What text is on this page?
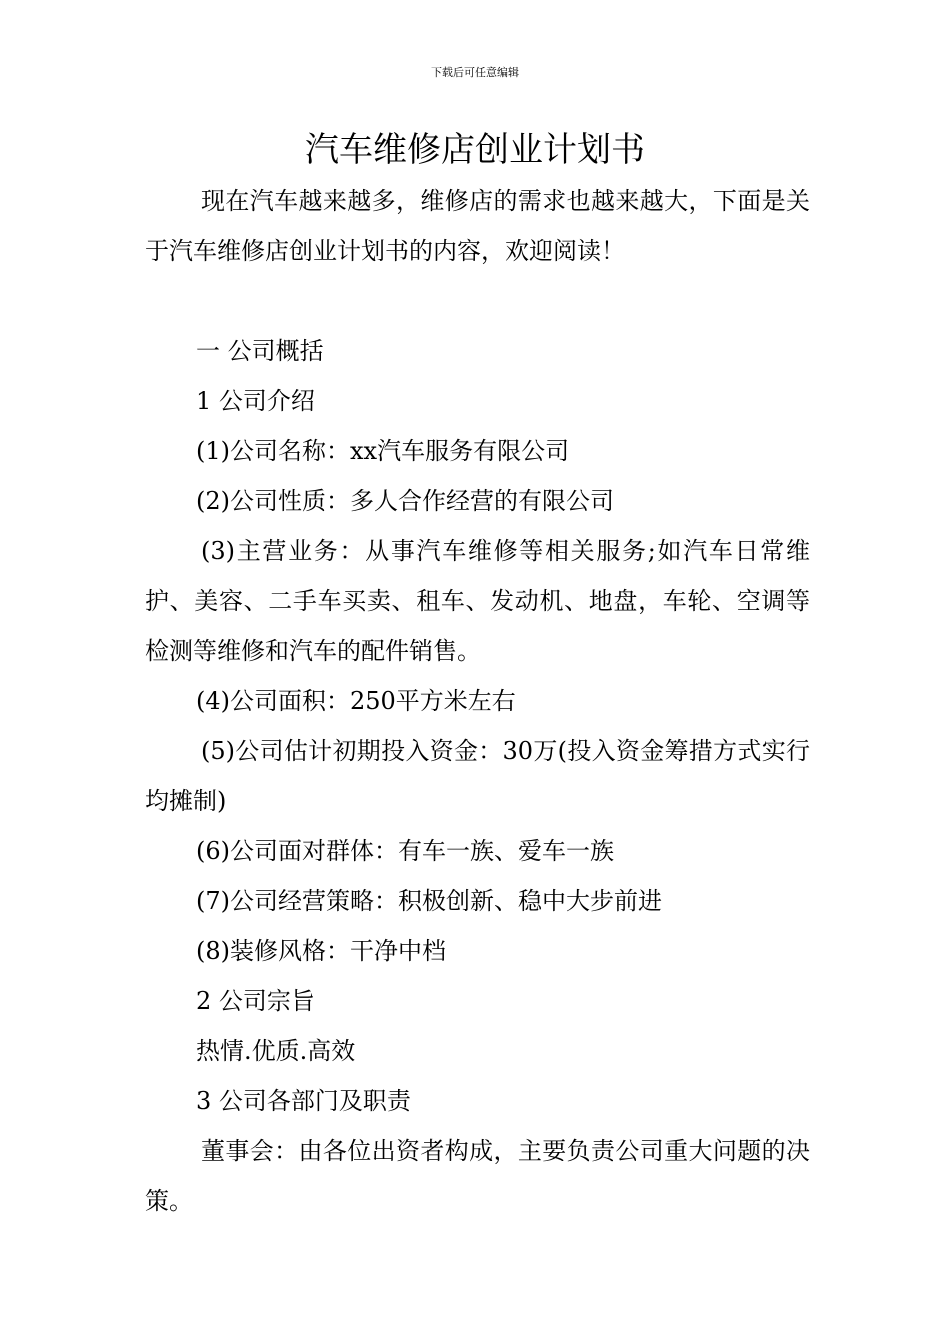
下载后可任意编辑
汽车维修店创业计划书

现在汽车越来越多，维修店的需求也越来越大，下面是关于汽车维修店创业计划书的内容，欢迎阅读！

一 公司概括

1 公司介绍

(1)公司名称：xx汽车服务有限公司

(2)公司性质：多人合作经营的有限公司

(3)主营业务：从事汽车维修等相关服务;如汽车日常维护、美容、二手车买卖、租车、发动机、地盘，车轮、空调等检测等维修和汽车的配件销售。

(4)公司面积：250平方米左右

(5)公司估计初期投入资金：30万(投入资金筹措方式实行均摊制)

(6)公司面对群体：有车一族、爱车一族

(7)公司经营策略：积极创新、稳中大步前进

(8)装修风格：干净中档

2 公司宗旨

热情.优质.高效

3 公司各部门及职责

董事会：由各位出资者构成，主要负责公司重大问题的决策。
